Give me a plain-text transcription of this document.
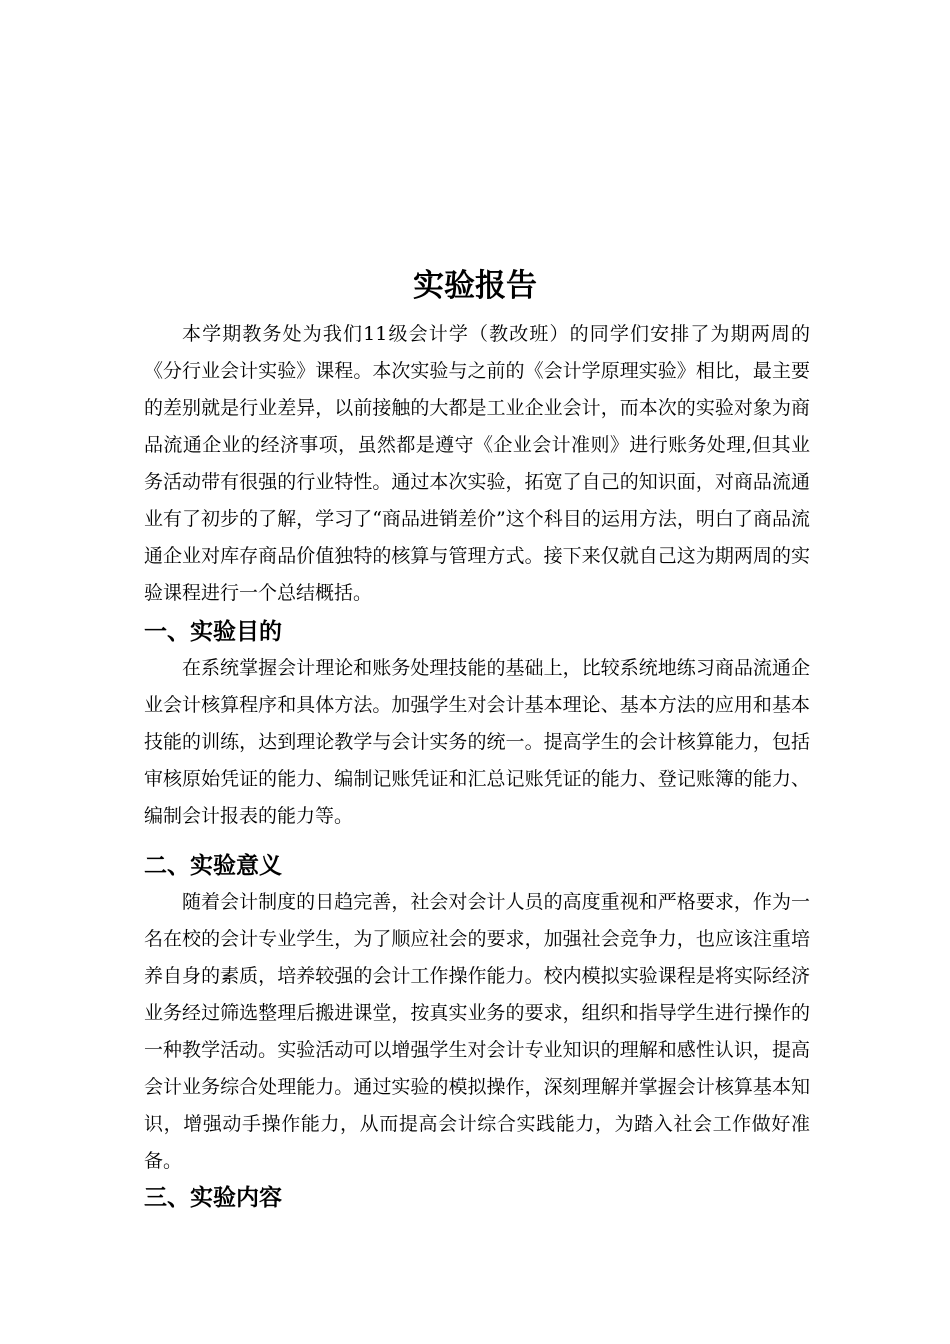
实验报告
本学期教务处为我们11级会计学（教改班）的同学们安排了为期两周的《分行业会计实验》课程。本次实验与之前的《会计学原理实验》相比，最主要的差别就是行业差异，以前接触的大都是工业企业会计，而本次的实验对象为商品流通企业的经济事项，虽然都是遵守《企业会计准则》进行账务处理,但其业务活动带有很强的行业特性。通过本次实验，拓宽了自己的知识面，对商品流通业有了初步的了解，学习了“商品进销差价”这个科目的运用方法，明白了商品流通企业对库存商品价值独特的核算与管理方式。接下来仅就自己这为期两周的实验课程进行一个总结概括。
一、实验目的
在系统掌握会计理论和账务处理技能的基础上，比较系统地练习商品流通企业会计核算程序和具体方法。加强学生对会计基本理论、基本方法的应用和基本技能的训练，达到理论教学与会计实务的统一。提高学生的会计核算能力，包括审核原始凭证的能力、编制记账凭证和汇总记账凭证的能力、登记账簿的能力、编制会计报表的能力等。
二、实验意义
随着会计制度的日趋完善，社会对会计人员的高度重视和严格要求，作为一名在校的会计专业学生，为了顺应社会的要求，加强社会竞争力，也应该注重培养自身的素质，培养较强的会计工作操作能力。校内模拟实验课程是将实际经济业务经过筛选整理后搬进课堂，按真实业务的要求，组织和指导学生进行操作的一种教学活动。实验活动可以增强学生对会计专业知识的理解和感性认识，提高会计业务综合处理能力。通过实验的模拟操作，深刻理解并掌握会计核算基本知识，增强动手操作能力，从而提高会计综合实践能力，为踏入社会工作做好准备。
三、实验内容
